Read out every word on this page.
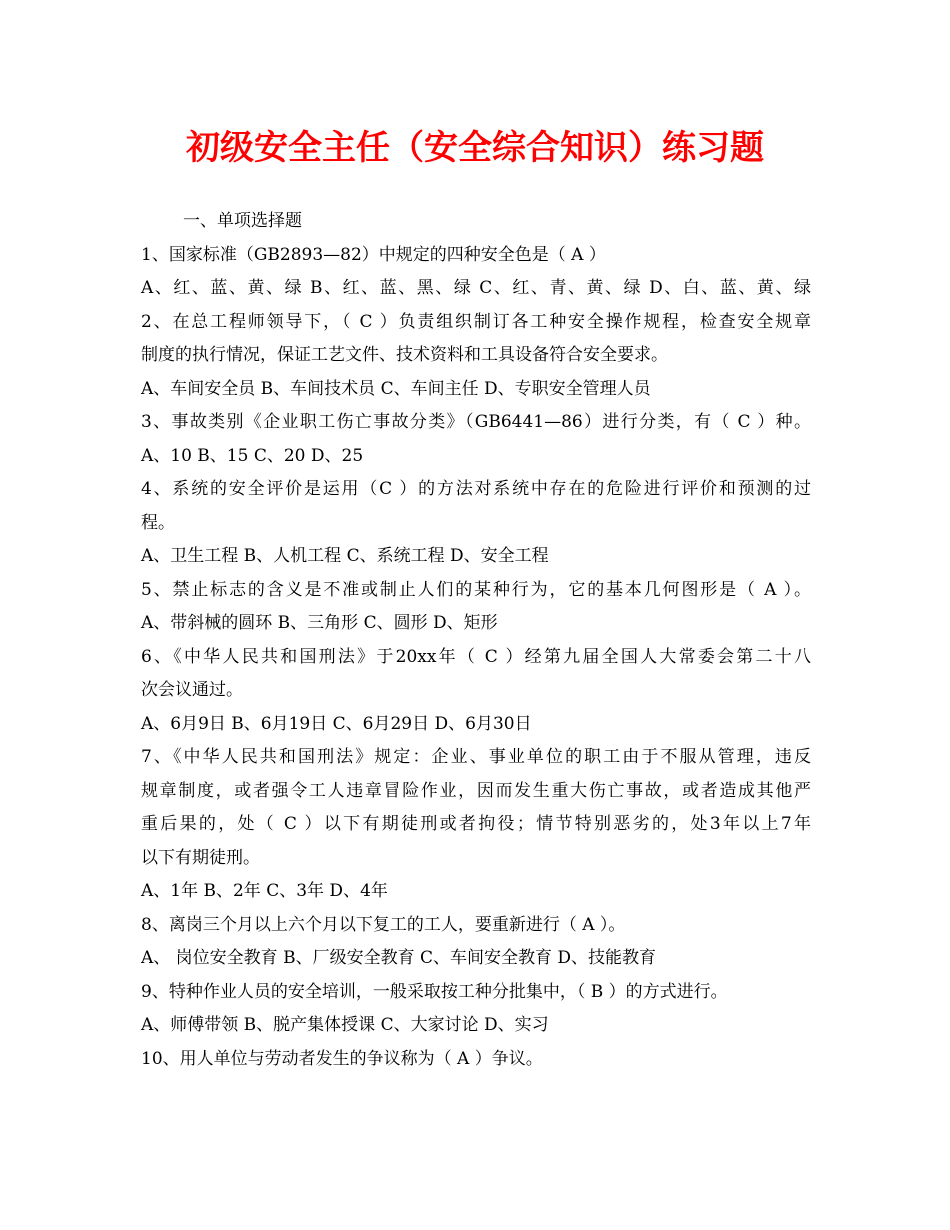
初级安全主任（安全综合知识）练习题
一、单项选择题
1、国家标准（GB2893—82）中规定的四种安全色是（ A ）
A、红、蓝、黄、绿 B、红、蓝、黑、绿 C、红、青、黄、绿 D、白、蓝、黄、绿
2、在总工程师领导下，（ C ）负责组织制订各工种安全操作规程，检查安全规章
制度的执行情况，保证工艺文件、技术资料和工具设备符合安全要求。
A、车间安全员 B、车间技术员 C、车间主任 D、专职安全管理人员
3、事故类别《企业职工伤亡事故分类》（GB6441—86）进行分类，有（ C ）种。
A、10 B、15 C、20 D、25
4、系统的安全评价是运用（C ）的方法对系统中存在的危险进行评价和预测的过
程。
A、卫生工程 B、人机工程 C、系统工程 D、安全工程
5、禁止标志的含义是不准或制止人们的某种行为，它的基本几何图形是（ A ）。
A、带斜械的圆环 B、三角形 C、圆形 D、矩形
6、《中华人民共和国刑法》于20xx年（ C ）经第九届全国人大常委会第二十八
次会议通过。
A、6月9日 B、6月19日 C、6月29日 D、6月30日
7、《中华人民共和国刑法》规定：企业、事业单位的职工由于不服从管理，违反
规章制度，或者强令工人违章冒险作业，因而发生重大伤亡事故，或者造成其他严
重后果的，处（ C ）以下有期徒刑或者拘役；情节特别恶劣的，处3年以上7年
以下有期徒刑。
A、1年 B、2年 C、3年 D、4年
8、离岗三个月以上六个月以下复工的工人，要重新进行（ A ）。
A、 岗位安全教育 B、厂级安全教育 C、车间安全教育 D、技能教育
9、特种作业人员的安全培训，一般采取按工种分批集中，（ B ）的方式进行。
A、师傅带领 B、脱产集体授课 C、大家讨论 D、实习
10、用人单位与劳动者发生的争议称为（ A ）争议。
